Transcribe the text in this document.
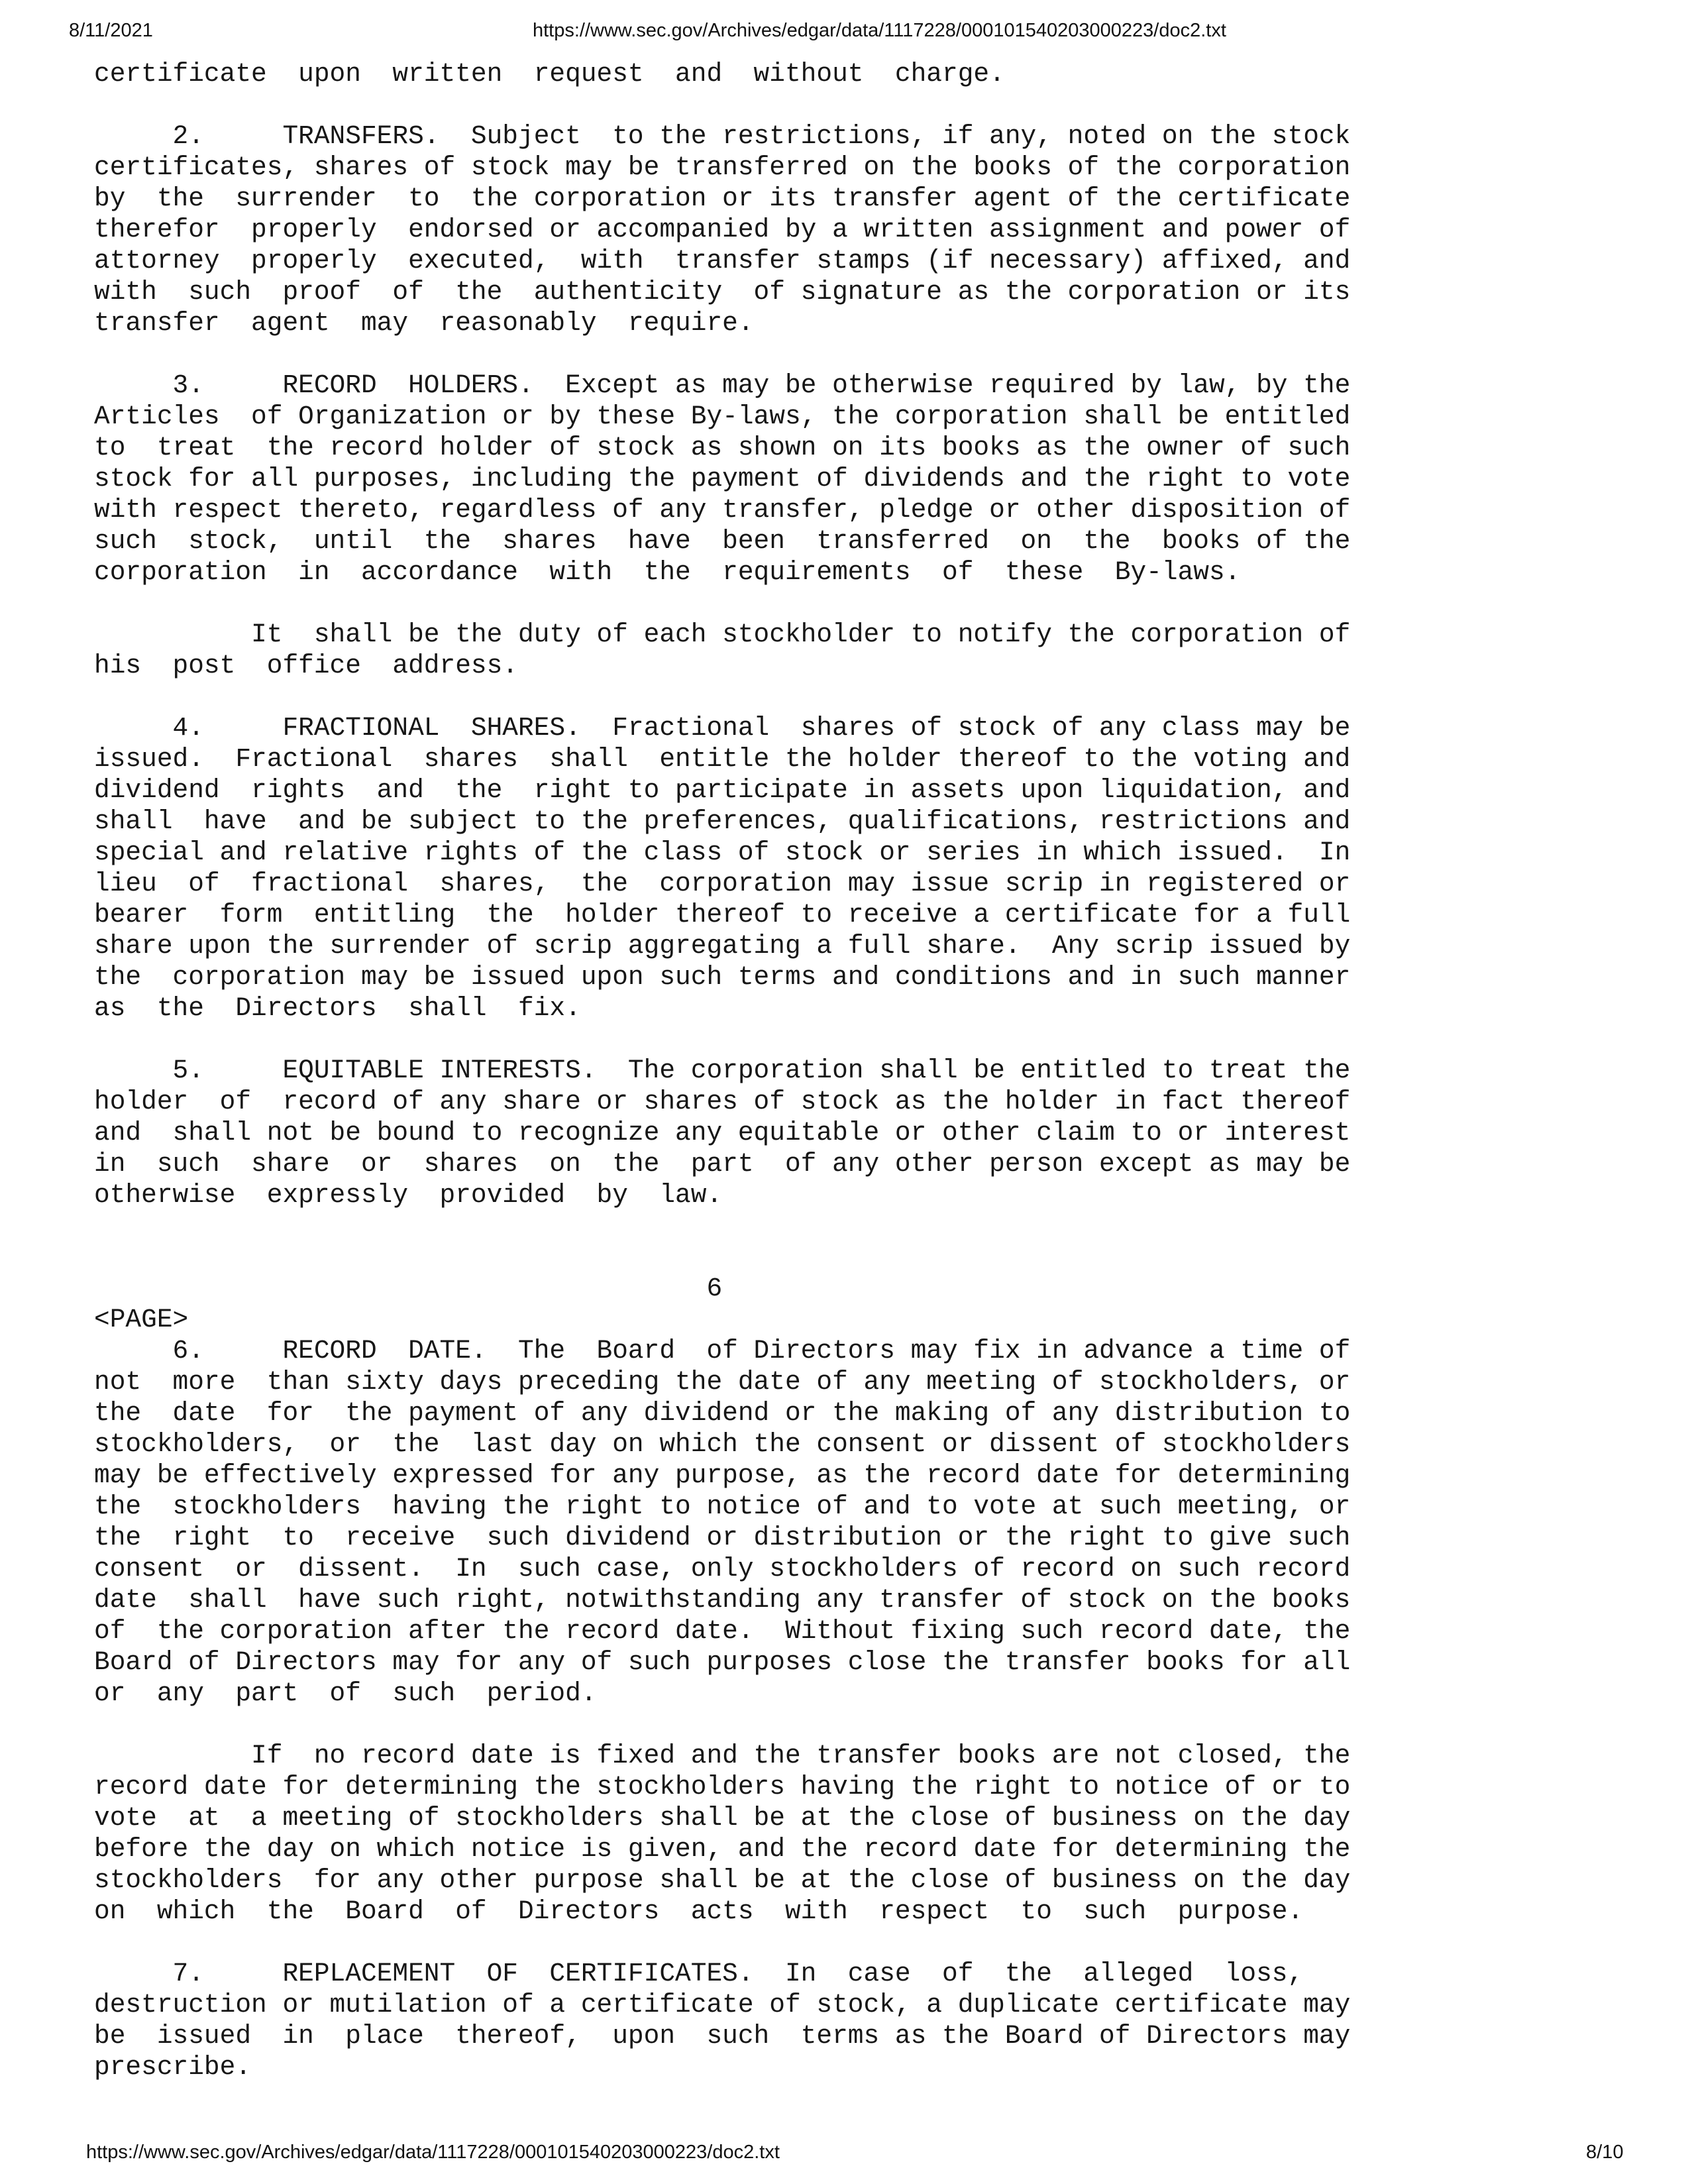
8/11/2021	https://www.sec.gov/Archives/edgar/data/1117228/000101540203000223/doc2.txt
certificate  upon  written  request  and  without  charge.
2.     TRANSFERS.  Subject  to the restrictions, if any, noted on the stock
certificates, shares of stock may be transferred on the books of the corporation
by  the  surrender  to  the corporation or its transfer agent of the certificate
therefor  properly  endorsed or accompanied by a written assignment and power of
attorney  properly  executed,  with  transfer stamps (if necessary) affixed, and
with  such  proof  of  the  authenticity  of signature as the corporation or its
transfer  agent  may  reasonably  require.
3.     RECORD  HOLDERS.  Except as may be otherwise required by law, by the
Articles  of Organization or by these By-laws, the corporation shall be entitled
to  treat  the record holder of stock as shown on its books as the owner of such
stock for all purposes, including the payment of dividends and the right to vote
with respect thereto, regardless of any transfer, pledge or other disposition of
such  stock,  until  the  shares  have  been  transferred  on  the  books of the
corporation  in  accordance  with  the  requirements  of  these  By-laws.
It  shall be the duty of each stockholder to notify the corporation of
his  post  office  address.
4.     FRACTIONAL  SHARES.  Fractional  shares of stock of any class may be
issued.  Fractional  shares  shall  entitle the holder thereof to the voting and
dividend  rights  and  the  right to participate in assets upon liquidation, and
shall  have  and be subject to the preferences, qualifications, restrictions and
special and relative rights of the class of stock or series in which issued.  In
lieu  of  fractional  shares,  the  corporation may issue scrip in registered or
bearer  form  entitling  the  holder thereof to receive a certificate for a full
share upon the surrender of scrip aggregating a full share.  Any scrip issued by
the  corporation may be issued upon such terms and conditions and in such manner
as  the  Directors  shall  fix.
5.     EQUITABLE INTERESTS.  The corporation shall be entitled to treat the
holder  of  record of any share or shares of stock as the holder in fact thereof
and  shall not be bound to recognize any equitable or other claim to or interest
in  such  share  or  shares  on  the  part  of any other person except as may be
otherwise  expressly  provided  by  law.
6
<PAGE>
6.     RECORD  DATE.  The  Board  of Directors may fix in advance a time of
not  more  than sixty days preceding the date of any meeting of stockholders, or
the  date  for  the payment of any dividend or the making of any distribution to
stockholders,  or  the  last day on which the consent or dissent of stockholders
may be effectively expressed for any purpose, as the record date for determining
the  stockholders  having the right to notice of and to vote at such meeting, or
the  right  to  receive  such dividend or distribution or the right to give such
consent  or  dissent.  In  such case, only stockholders of record on such record
date  shall  have such right, notwithstanding any transfer of stock on the books
of  the corporation after the record date.  Without fixing such record date, the
Board of Directors may for any of such purposes close the transfer books for all
or  any  part  of  such  period.
If  no record date is fixed and the transfer books are not closed, the
record date for determining the stockholders having the right to notice of or to
vote  at  a meeting of stockholders shall be at the close of business on the day
before the day on which notice is given, and the record date for determining the
stockholders  for any other purpose shall be at the close of business on the day
on  which  the  Board  of  Directors  acts  with  respect  to  such  purpose.
7.     REPLACEMENT  OF  CERTIFICATES.  In  case  of  the  alleged  loss,
destruction or mutilation of a certificate of stock, a duplicate certificate may
be  issued  in  place  thereof,  upon  such  terms as the Board of Directors may
prescribe.
https://www.sec.gov/Archives/edgar/data/1117228/000101540203000223/doc2.txt	8/10
